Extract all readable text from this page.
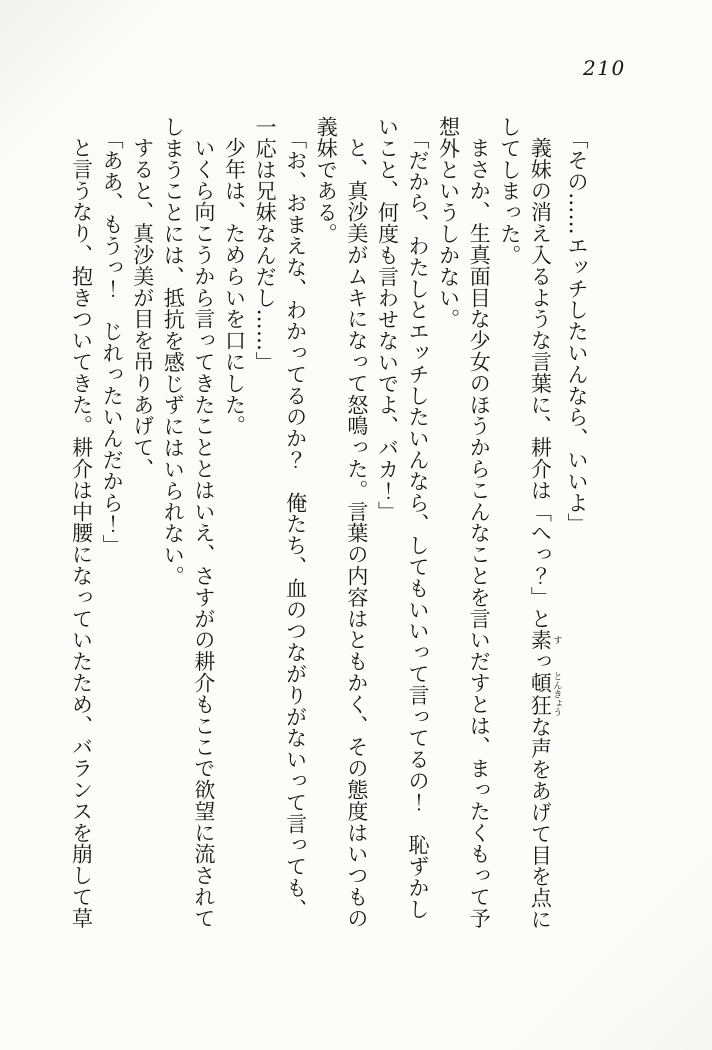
210

「その……エッチしたいんなら、いいよ」

義妹の消え入るような言葉に、耕介は「へっ？」と素 すっ頓狂 とんきょうな声をあげて目を点にしてしまった。

まさか、生真面目な少女のほうからこんなことを言いだすとは、まったくもって予想外というしかない。

「だから、わたしとエッチしたいんなら、してもいいって言ってるの！　恥ずかしいこと、何度も言わせないでよ、バカ！」

と、真沙美がムキになって怒鳴った。言葉の内容はともかく、その態度はいつもの義妹である。

「お、おまえな、わかってるのか？　俺たち、血のつながりがないって言っても、一応は兄妹なんだし……」

少年は、ためらいを口にした。

いくら向こうから言ってきたこととはいえ、さすがの耕介もここで欲望に流されてしまうことには、抵抗を感じずにはいられない。

すると、真沙美が目を吊りあげて、

「ああ、もうっ！　じれったいんだから！」

と言うなり、抱きついてきた。耕介は中腰になっていたため、バランスを崩して草
